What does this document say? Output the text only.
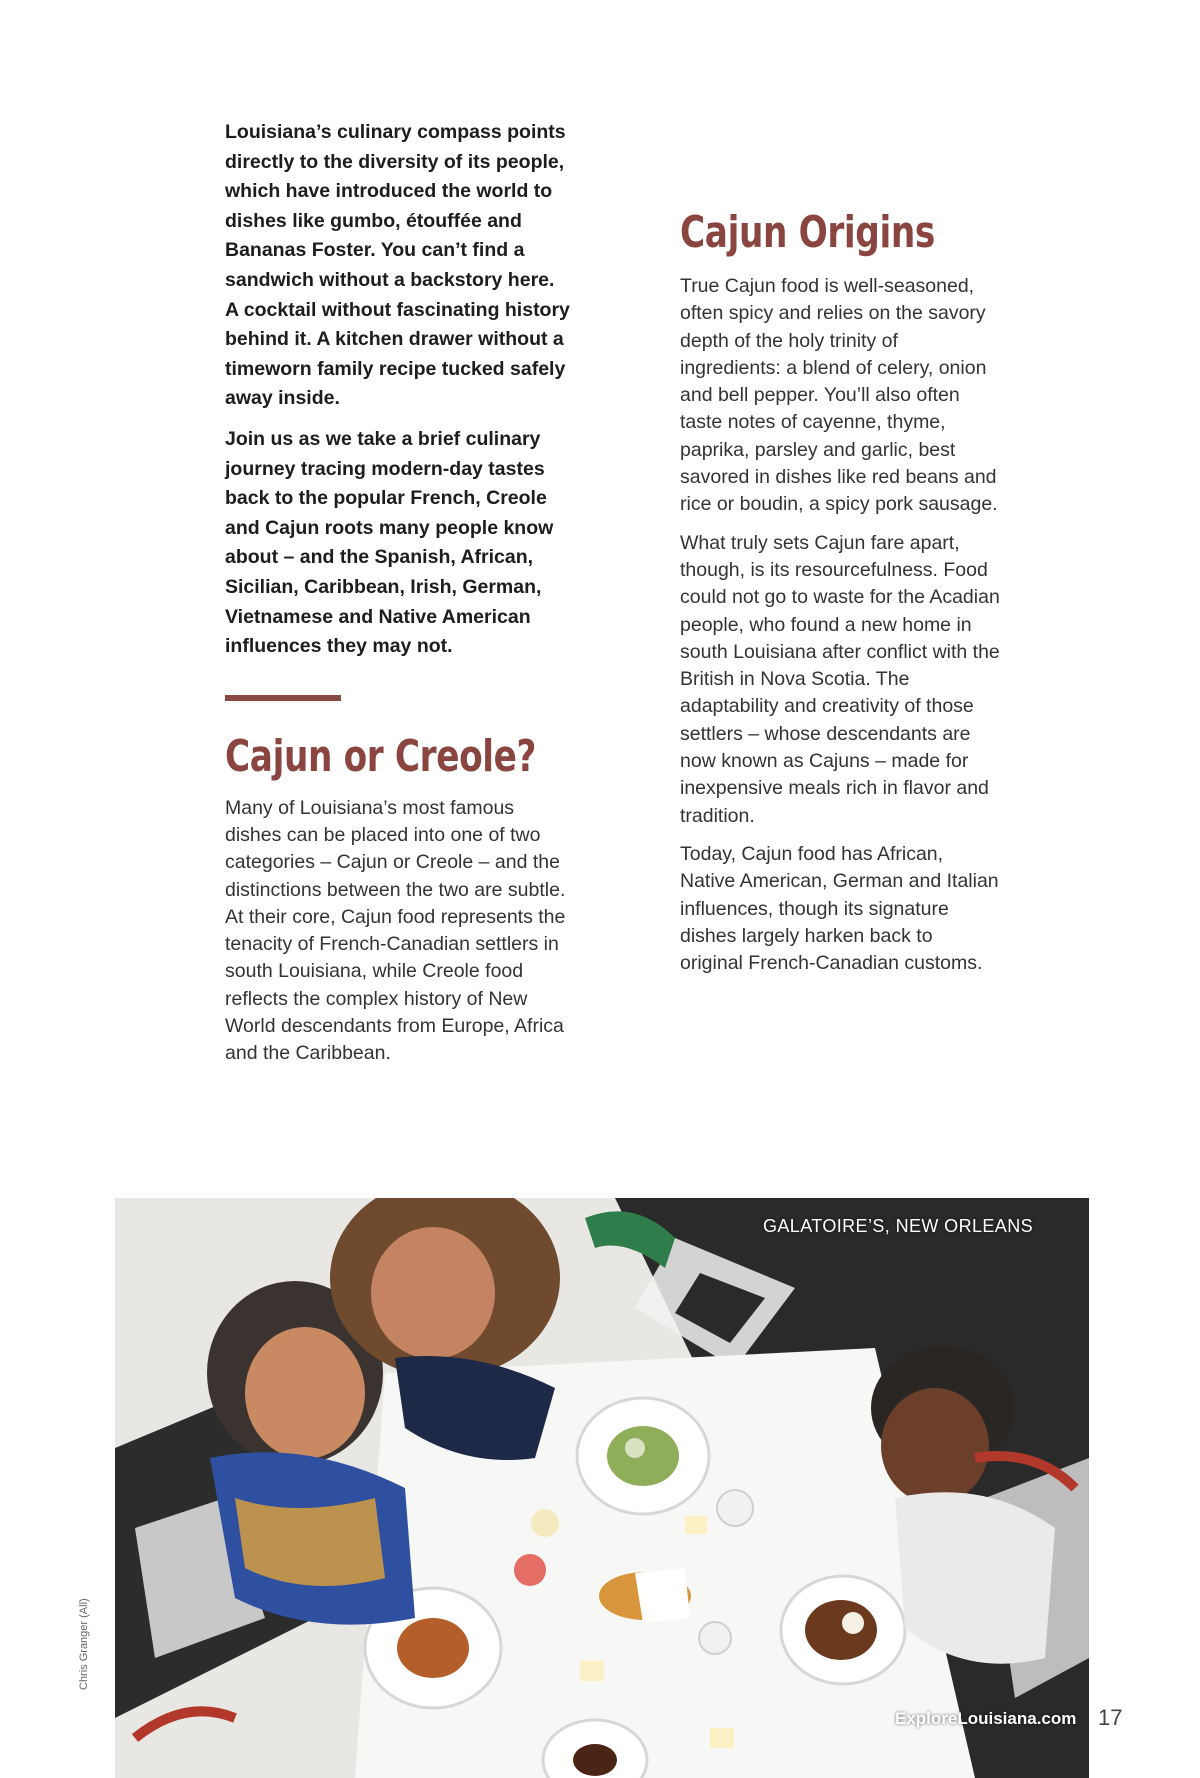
Louisiana’s culinary compass points directly to the diversity of its people, which have introduced the world to dishes like gumbo, étouffée and Bananas Foster. You can’t find a sandwich without a backstory here. A cocktail without fascinating history behind it. A kitchen drawer without a timeworn family recipe tucked safely away inside.

Join us as we take a brief culinary journey tracing modern-day tastes back to the popular French, Creole and Cajun roots many people know about – and the Spanish, African, Sicilian, Caribbean, Irish, German, Vietnamese and Native American influences they may not.

Cajun or Creole?

Many of Louisiana’s most famous dishes can be placed into one of two categories – Cajun or Creole – and the distinctions between the two are subtle. At their core, Cajun food represents the tenacity of French-Canadian settlers in south Louisiana, while Creole food reflects the complex history of New World descendants from Europe, Africa and the Caribbean.

Cajun Origins

True Cajun food is well-seasoned, often spicy and relies on the savory depth of the holy trinity of ingredients: a blend of celery, onion and bell pepper. You’ll also often taste notes of cayenne, thyme, paprika, parsley and garlic, best savored in dishes like red beans and rice or boudin, a spicy pork sausage.

What truly sets Cajun fare apart, though, is its resourcefulness. Food could not go to waste for the Acadian people, who found a new home in south Louisiana after conflict with the British in Nova Scotia. The adaptability and creativity of those settlers – whose descendants are now known as Cajuns – made for inexpensive meals rich in flavor and tradition.

Today, Cajun food has African, Native American, German and Italian influences, though its signature dishes largely harken back to original French-Canadian customs.

GALATOIRE’S, NEW ORLEANS
Chris Granger (All)
ExploreLouisiana.com 17
